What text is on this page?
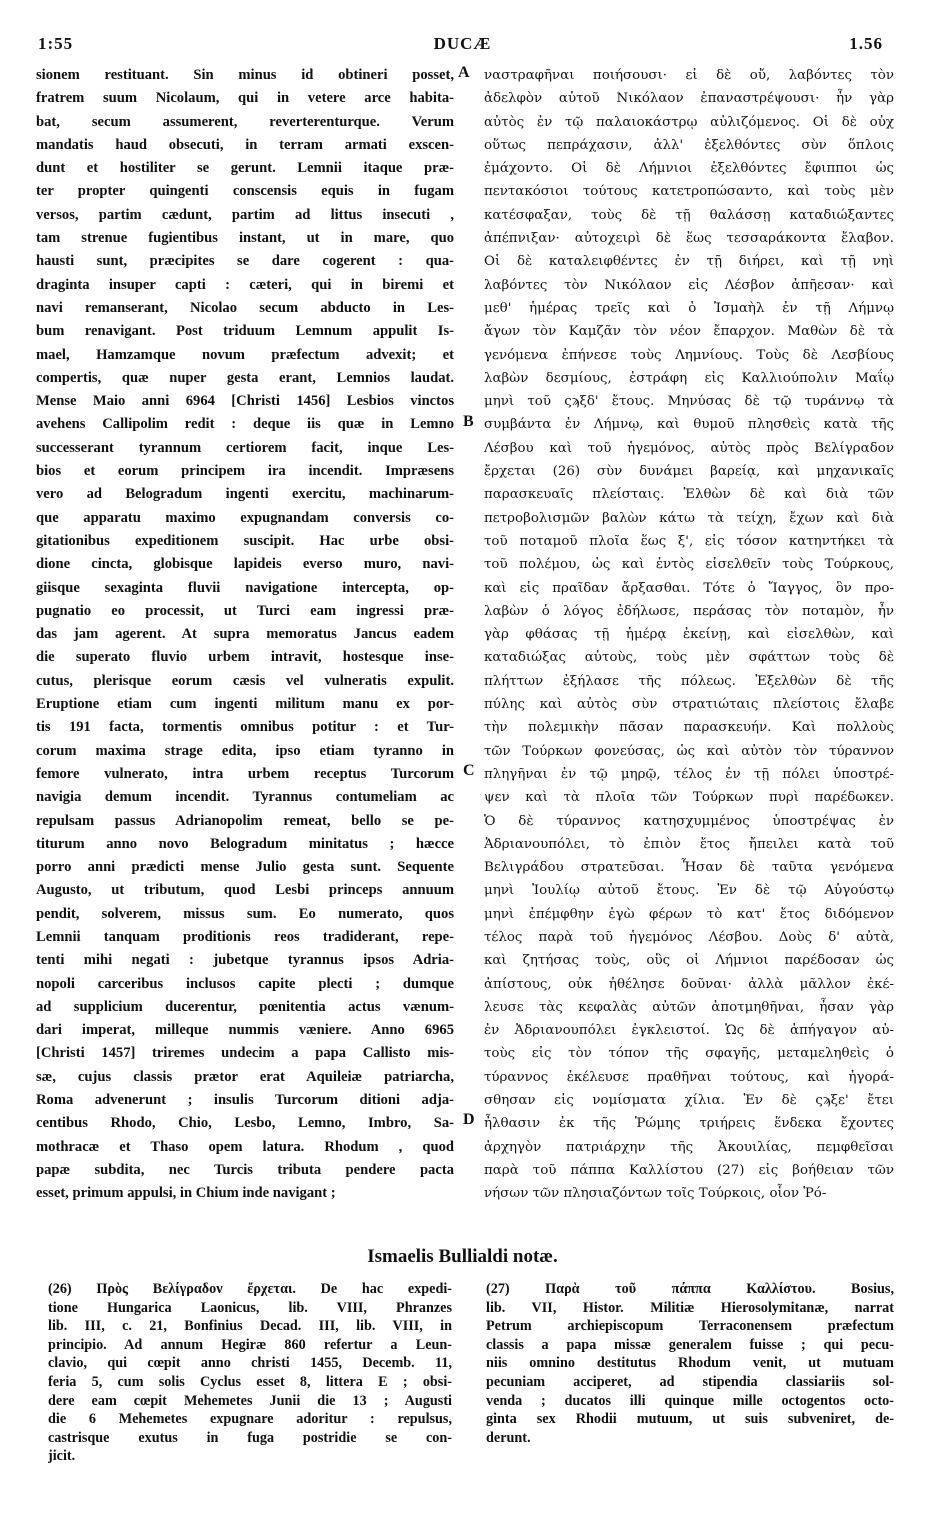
1:55	DUCÆ	1.56
sionem restituant. Sin minus id obtineri posset,
fratrem suum Nicolaum, qui in vetere arce habita-
bat, secum assumerent, reverterenturque. Verum
mandatis haud obsecuti, in terram armati exscen-
dunt et hostiliter se gerunt. Lemnii itaque præ-
ter propter quingenti conscensis equis in fugam
versos, partim cædunt, partim ad littus insecuti ,
tam strenue fugientibus instant, ut in mare, quo
hausti sunt, præcipites se dare cogerent : qua-
draginta insuper capti : cæteri, qui in biremi et
navi remanserant, Nicolao secum abducto in Les-
bum renavigant. Post triduum Lemnum appulit Is-
mael, Hamzamque novum præfectum advexit; et
compertis, quæ nuper gesta erant, Lemnios laudat.
Mense Maio anni 6964 [Christi 1456] Lesbios vinctos
avehens Callipolim redit : deque iis quæ in Lemno
successerant tyrannum certiorem facit, inque Les-
bios et eorum principem ira incendit. Impræsens
vero ad Belogradum ingenti exercitu, machinarum-
que apparatu maximo expugnandam conversis co-
gitationibus expeditionem suscipit. Hac urbe obsi-
dione cincta, globisque lapideis everso muro, navi-
giisque sexaginta fluvii navigatione intercepta, op-
pugnatio eo processit, ut Turci eam ingressi præ-
das jam agerent. At supra memoratus Jancus eadem
die superato fluvio urbem intravit, hostesque inse-
cutus, plerisque eorum cæsis vel vulneratis expulit.
Eruptione etiam cum ingenti militum manu ex por-
tis 191 facta, tormentis omnibus potitur : et Tur-
corum maxima strage edita, ipso etiam tyranno in
femore vulnerato, intra urbem receptus Turcorum
navigia demum incendit. Tyrannus contumeliam ac
repulsam passus Adrianopolim remeat, bello se pe-
titurum anno novo Belogradum minitatus ; hæcce
porro anni prædicti mense Julio gesta sunt. Sequente
Augusto, ut tributum, quod Lesbi princeps annuum
pendit, solverem, missus sum. Eo numerato, quos
Lemnii tanquam proditionis reos tradiderant, repe-
tenti mihi negati : jubetque tyrannus ipsos Adria-
nopoli carceribus inclusos capite plecti ; dumque
ad supplicium ducerentur, pœnitentia actus vænum-
dari imperat, milleque nummis væniere. Anno 6965
[Christi 1457] triremes undecim a papa Callisto mis-
sæ, cujus classis prætor erat Aquileiæ patriarcha,
Roma advenerunt ; insulis Turcorum ditioni adja-
centibus Rhodo, Chio, Lesbo, Lemno, Imbro, Sa-
mothracæ et Thaso opem latura. Rhodum , quod
papæ subdita, nec Turcis tributa pendere pacta
esset, primum appulsi, in Chium inde navigant ;
ναστραφῆναι ποιήσουσι· εἰ δὲ οὔ, λαβόντες τὸν
ἀδελφὸν αὐτοῦ Νικόλαον ἐπαναστρέψουσι· ἦν γὰρ
αὐτὸς ἐν τῷ παλαιοκάστρῳ αὐλιζόμενος. Οἱ δὲ οὐχ
οὕτως πεπράχασιν, ἀλλ' ἐξελθόντες σὺν ὅπλοις
ἐμάχοντο. Οἱ δὲ Λήμνιοι ἐξελθόντες ἔφιπποι ὡς
πεντακόσιοι τούτους κατετροπώσαντο, καὶ τοὺς μὲν
κατέσφαξαν, τοὺς δὲ τῇ θαλάσσῃ καταδιώξαντες
ἀπέπνιξαν· αὐτοχειρὶ δὲ ἕως τεσσαράκοντα ἔλαβον.
Οἱ δὲ καταλειφθέντες ἐν τῇ διήρει, καὶ τῇ νηὶ
λαβόντες τὸν Νικόλαον εἰς Λέσβον ἀπῆεσαν· καὶ
μεθ' ἡμέρας τρεῖς καὶ ὁ Ἰσμαὴλ ἐν τῇ Λήμνῳ
ἄγων τὸν Καμζᾶν τὸν νέον ἔπαρχον. Μαθὼν δὲ τὰ
γενόμενα ἐπήνεσε τοὺς Λημνίους. Τοὺς δὲ Λεσβίους
λαβὼν δεσμίους, ἐστράφη εἰς Καλλιούπολιν Μαΐῳ
μηνὶ τοῦ ςϡξδ' ἔτους. Μηνύσας δὲ τῷ τυράννῳ τὰ
συμβάντα ἐν Λήμνῳ, καὶ θυμοῦ πλησθεὶς κατὰ τῆς
Λέσβου καὶ τοῦ ἡγεμόνος, αὐτὸς πρὸς Βελίγραδον
ἔρχεται (26) σὺν δυνάμει βαρείᾳ, καὶ μηχανικαῖς
παρασκευαῖς πλείσταις. Ἐλθὼν δὲ καὶ διὰ τῶν
πετροβολισμῶν βαλὼν κάτω τὰ τείχη, ἔχων καὶ διὰ
τοῦ ποταμοῦ πλοῖα ἕως ξ', εἰς τόσον κατηντήκει τὰ
τοῦ πολέμου, ὡς καὶ ἐντὸς εἰσελθεῖν τοὺς Τούρκους,
καὶ εἰς πραῖδαν ἄρξασθαι. Τότε ὁ Ἴαγγος, ὃν προ-
λαβὼν ὁ λόγος ἐδήλωσε, περάσας τὸν ποταμὸν, ἦν
γὰρ φθάσας τῇ ἡμέρᾳ ἐκείνῃ, καὶ εἰσελθὼν, καὶ
καταδιώξας αὐτοὺς, τοὺς μὲν σφάττων τοὺς δὲ
πλήττων ἐξήλασε τῆς πόλεως. Ἐξελθὼν δὲ τῆς
πύλης καὶ αὐτὸς σὺν στρατιώταις πλείστοις ἔλαβε
τὴν πολεμικὴν πᾶσαν παρασκευήν. Καὶ πολλοὺς
τῶν Τούρκων φονεύσας, ὡς καὶ αὐτὸν τὸν τύραννον
πληγῆναι ἐν τῷ μηρῷ, τέλος ἐν τῇ πόλει ὑποστρέ-
ψεν καὶ τὰ πλοῖα τῶν Τούρκων πυρὶ παρέδωκεν.
Ὁ δὲ τύραννος κατησχυμμένος ὑποστρέψας ἐν
Ἀδριανουπόλει, τὸ ἐπιὸν ἔτος ἤπειλει κατὰ τοῦ
Βελιγράδου στρατεῦσαι. Ἦσαν δὲ ταῦτα γενόμενα
μηνὶ Ἰουλίῳ αὐτοῦ ἔτους. Ἐν δὲ τῷ Αὐγούστῳ
μηνὶ ἐπέμφθην ἐγὼ φέρων τὸ κατ' ἔτος διδόμενον
τέλος παρὰ τοῦ ἡγεμόνος Λέσβου. Δοὺς δ' αὐτὰ,
καὶ ζητήσας τοὺς, οὓς οἱ Λήμνιοι παρέδοσαν ὡς
ἀπίστους, οὐκ ἠθέλησε δοῦναι· ἀλλὰ μᾶλλον ἐκέ-
λευσε τὰς κεφαλὰς αὐτῶν ἀποτμηθῆναι, ἦσαν γὰρ
ἐν Ἀδριανουπόλει ἐγκλειστοί. Ὡς δὲ ἀπήγαγον αὐ-
τοὺς εἰς τὸν τόπον τῆς σφαγῆς, μεταμεληθεὶς ὁ
τύραννος ἐκέλευσε πραθῆναι τούτους, καὶ ἠγορά-
σθησαν εἰς νομίσματα χίλια. Ἐν δὲ ςϡξε' ἔτει
ἦλθασιν ἐκ τῆς Ῥώμης τριήρεις ἕνδεκα ἔχοντες
ἀρχηγὸν πατριάρχην τῆς Ἀκουιλίας, πεμφθεῖσαι
παρὰ τοῦ πάππα Καλλίστου (27) εἰς βοήθειαν τῶν
νήσων τῶν πλησιαζόντων τοῖς Τούρκοις, οἷον Ῥό-
A
B
C
D
Ismaelis Bullialdi notæ.
(26) Πρὸς Βελίγραδον ἔρχεται. De hac expedi-
tione Hungarica Laonicus, lib. VIII, Phranzes
lib. III, c. 21, Bonfinius Decad. III, lib. VIII, in
principio. Ad annum Hegiræ 860 refertur a Leun-
clavio, qui cœpit anno christi 1455, Decemb. 11,
feria 5, cum solis Cyclus esset 8, littera E ; obsi-
dere eam cœpit Mehemetes Junii die 13 ; Augusti
die 6 Mehemetes expugnare adoritur : repulsus,
castrisque exutus in fuga postridie se con-
jicit.
(27) Παρὰ τοῦ πάππα Καλλίστου. Bosius,
lib. VII, Histor. Militiæ Hierosolymitanæ, narrat
Petrum archiepiscopum Terraconensem præfectum
classis a papa missæ generalem fuisse ; qui pecu-
niis omnino destitutus Rhodum venit, ut mutuam
pecuniam acciperet, ad stipendia classiariis sol-
venda ; ducatos illi quinque mille octogentos octo-
ginta sex Rhodii mutuum, ut suis subveniret, de-
derunt.
